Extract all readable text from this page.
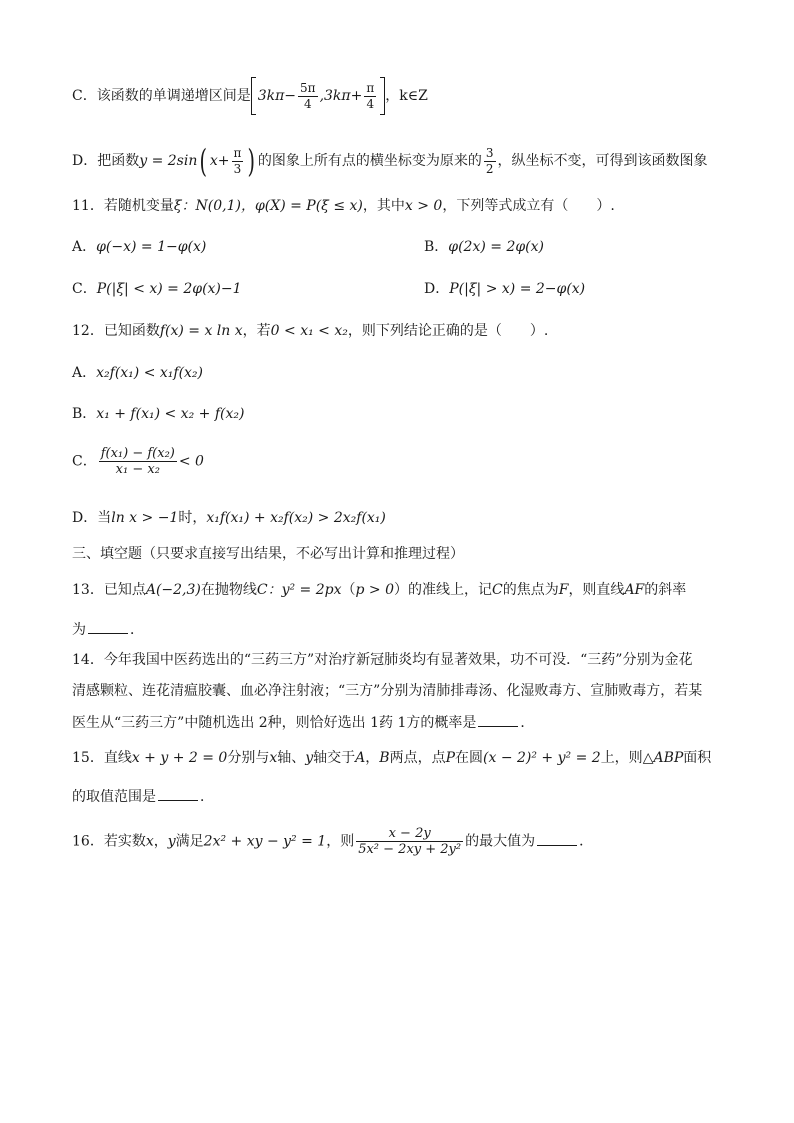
C．该函数的单调递增区间是 $3k\pi- \frac{5\pi}{4} ,3k\pi+ \frac{\pi}{4}$ ，k∈Z
D．把函数y = 2sin( $x+ \frac{\pi}{3}$ ) 的图象上所有点的横坐标变为原来的 $\frac{3}{2}$ ，纵坐标不变，可得到该函数图象
11．若随机变量ξ：N(0,1)，φ(X) = P(ξ ≤ x)，其中x > 0，下列等式成立有（　　）.
A．φ(−x) = 1−φ(x)	B．φ(2x) = 2φ(x)
C．P(|ξ| < x) = 2φ(x)−1	D．P(|ξ| > x) = 2−φ(x)
12．已知函数f(x) = x ln x，若0 < x₁ < x₂，则下列结论正确的是（　　）.
A．x₂f(x₁) < x₁f(x₂)
B．x₁ + f(x₁) < x₂ + f(x₂)
C． $\frac{\text{f(x₁) − f(x₂)}}{\text{x₁ − x₂}} < 0$
D．当ln x > −1时，x₁f(x₁) + x₂f(x₂) > 2x₂f(x₁)
三、填空题（只要求直接写出结果，不必写出计算和推理过程）
13．已知点A(−2,3)在抛物线C：y² = 2px（p > 0）的准线上，记C的焦点为F，则直线AF的斜率
为	．
14．今年我国中医药选出的“三药三方”对治疗新冠肺炎均有显著效果，功不可没．“三药”分别为金花
清感颗粒、连花清瘟胶囊、血必净注射液；“三方”分别为清肺排毒汤、化湿败毒方、宣肺败毒方，若某
医生从“三药三方”中随机选出 2种，则恰好选出 1药 1方的概率是	．
15．直线x + y + 2 = 0分别与x轴、y轴交于A，B两点，点P在圆(x − 2)² + y² = 2上，则△ABP面积
的取值范围是	．
16．若实数x，y满足2x² + xy − y² = 1，则 $\frac{x - 2y}{\text{5x² − 2xy + 2y²}}$ 的最大值为	．
